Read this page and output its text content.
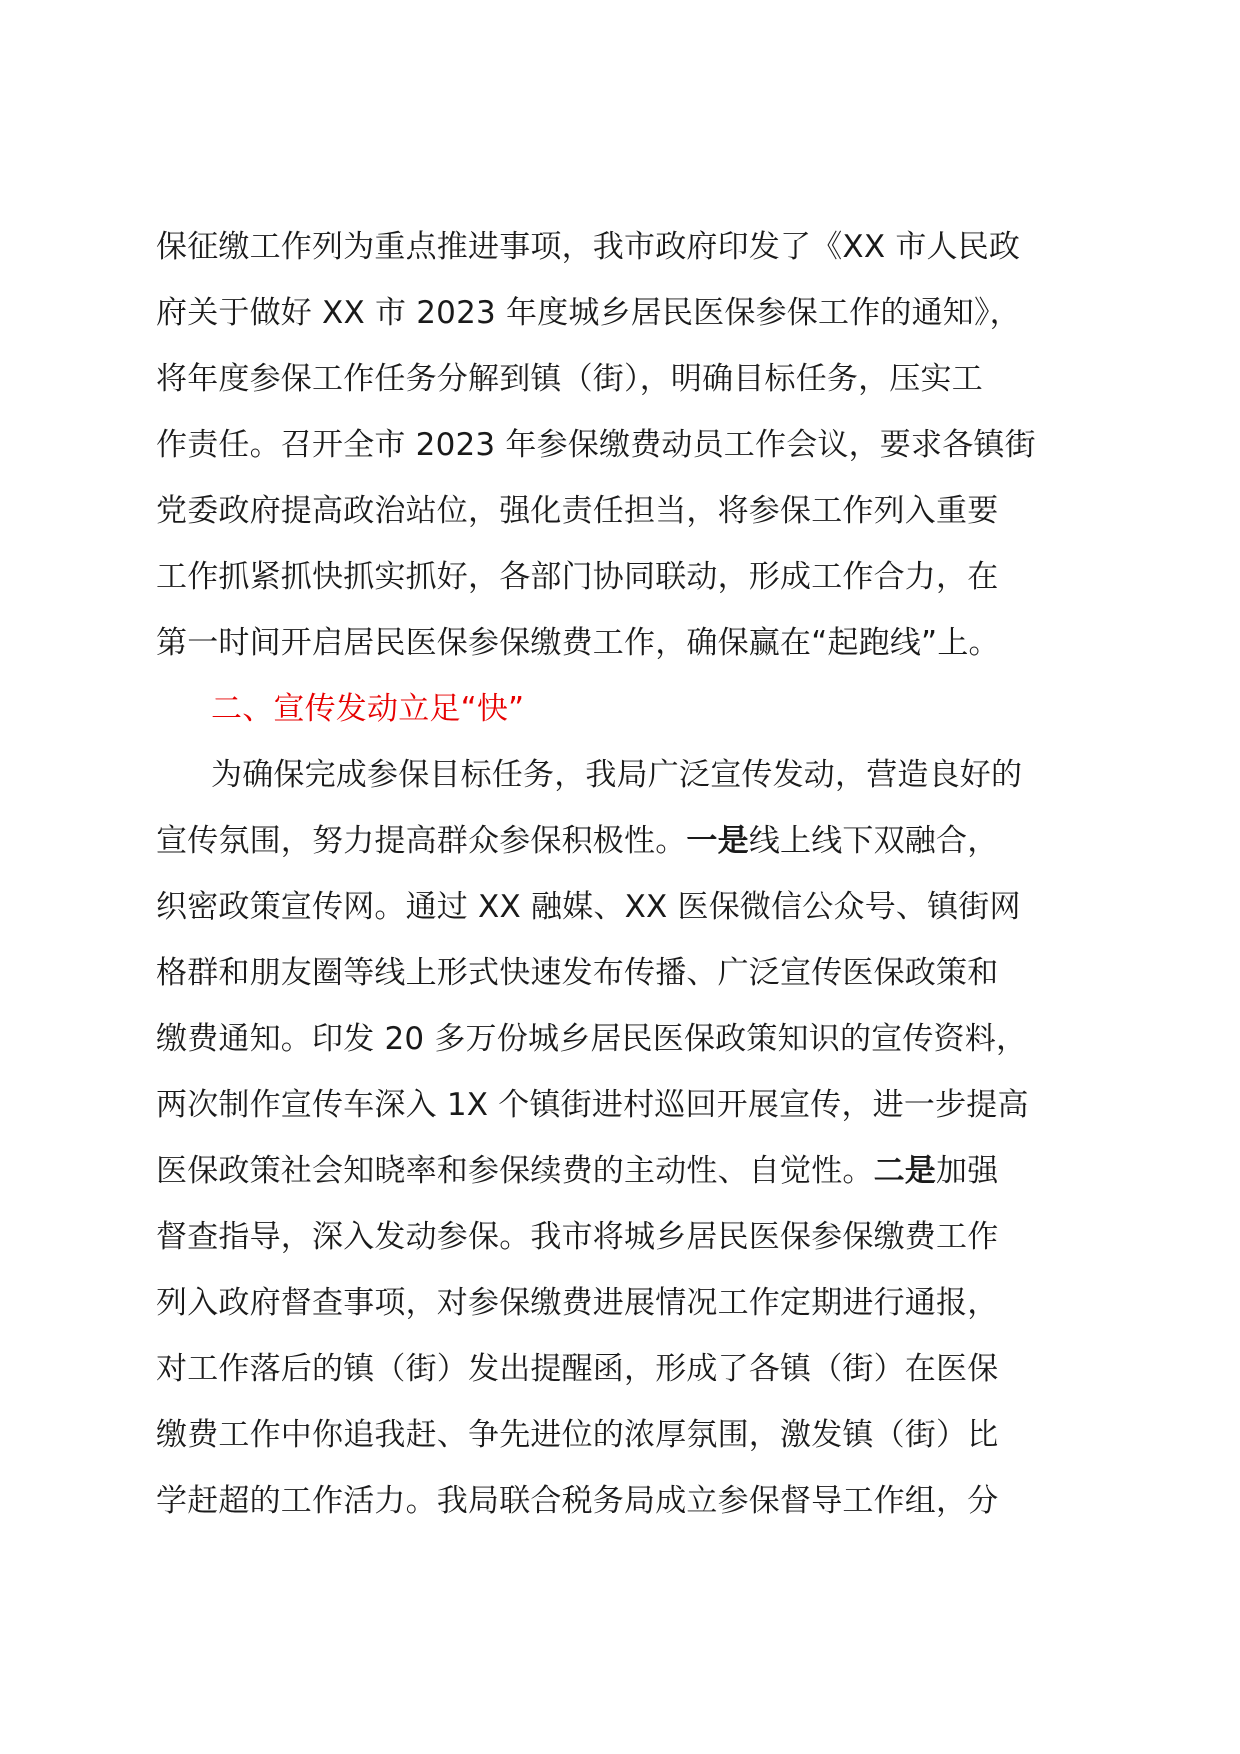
保征缴工作列为重点推进事项，我市政府印发了《XX 市人民政
府关于做好 XX 市 2023 年度城乡居民医保参保工作的通知》，
将年度参保工作任务分解到镇（街），明确目标任务，压实工
作责任。召开全市 2023 年参保缴费动员工作会议，要求各镇街
党委政府提高政治站位，强化责任担当，将参保工作列入重要
工作抓紧抓快抓实抓好，各部门协同联动，形成工作合力，在
第一时间开启居民医保参保缴费工作，确保赢在“起跑线”上。
二、宣传发动立足“快”
为确保完成参保目标任务，我局广泛宣传发动，营造良好的
宣传氛围，努力提高群众参保积极性。一是线上线下双融合，
织密政策宣传网。通过 XX 融媒、XX 医保微信公众号、镇街网
格群和朋友圈等线上形式快速发布传播、广泛宣传医保政策和
缴费通知。印发 20 多万份城乡居民医保政策知识的宣传资料，
两次制作宣传车深入 1X 个镇街进村巡回开展宣传，进一步提高
医保政策社会知晓率和参保续费的主动性、自觉性。二是加强
督查指导，深入发动参保。我市将城乡居民医保参保缴费工作
列入政府督查事项，对参保缴费进展情况工作定期进行通报，
对工作落后的镇（街）发出提醒函，形成了各镇（街）在医保
缴费工作中你追我赶、争先进位的浓厚氛围，激发镇（街）比
学赶超的工作活力。我局联合税务局成立参保督导工作组，分
